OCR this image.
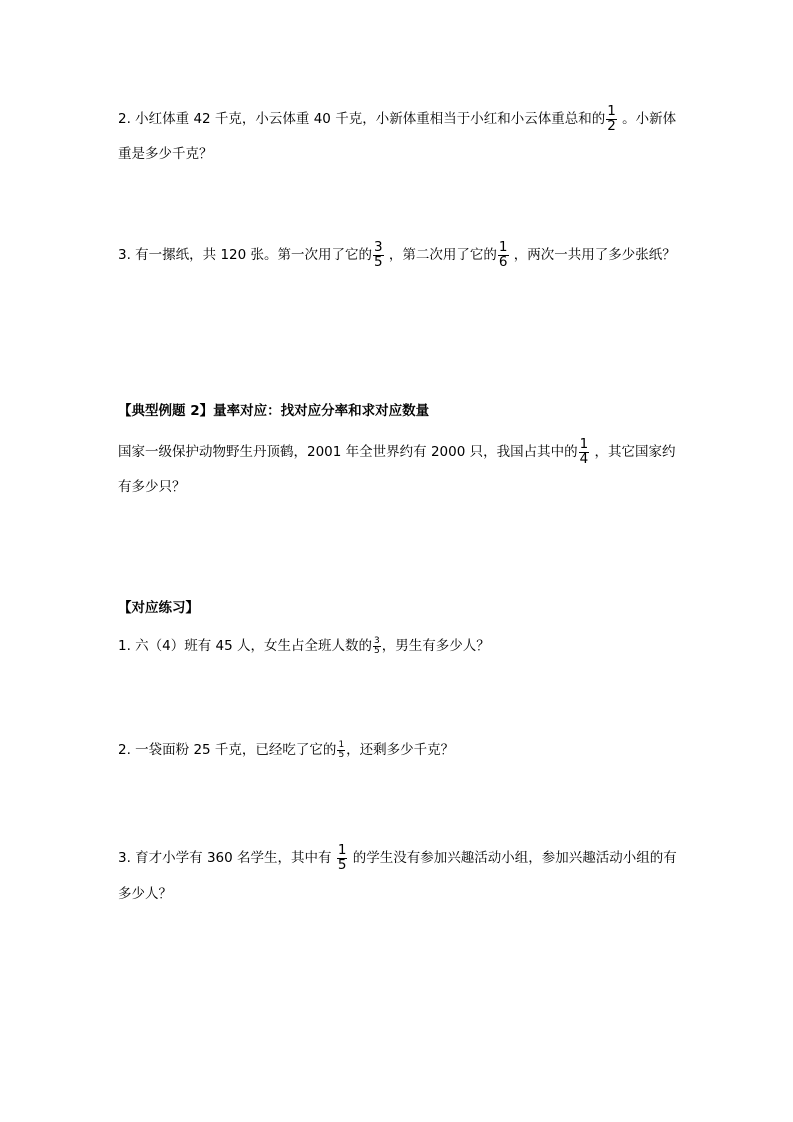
2. 小红体重 42 千克，小云体重 40 千克，小新体重相当于小红和小云体重总和的 $\frac{1}{2}$ 。小新体
重是多少千克？
3. 有一摞纸，共 120 张。第一次用了它的 $\frac{3}{5}$ ，第二次用了它的 $\frac{1}{6}$ ，两次一共用了多少张纸？
【典型例题 2】量率对应：找对应分率和求对应数量
国家一级保护动物野生丹顶鹤，2001 年全世界约有 2000 只，我国占其中的 $\frac{1}{4}$ ，其它国家约
有多少只？
【对应练习】
1. 六（4）班有 45 人，女生占全班人数的 $\frac{3}{5}$ ，男生有多少人？
2. 一袋面粉 25 千克，已经吃了它的 $\frac{1}{5}$ ，还剩多少千克？
3. 育才小学有 360 名学生，其中有 $\frac{1}{5}$ 的学生没有参加兴趣活动小组，参加兴趣活动小组的有
多少人？
